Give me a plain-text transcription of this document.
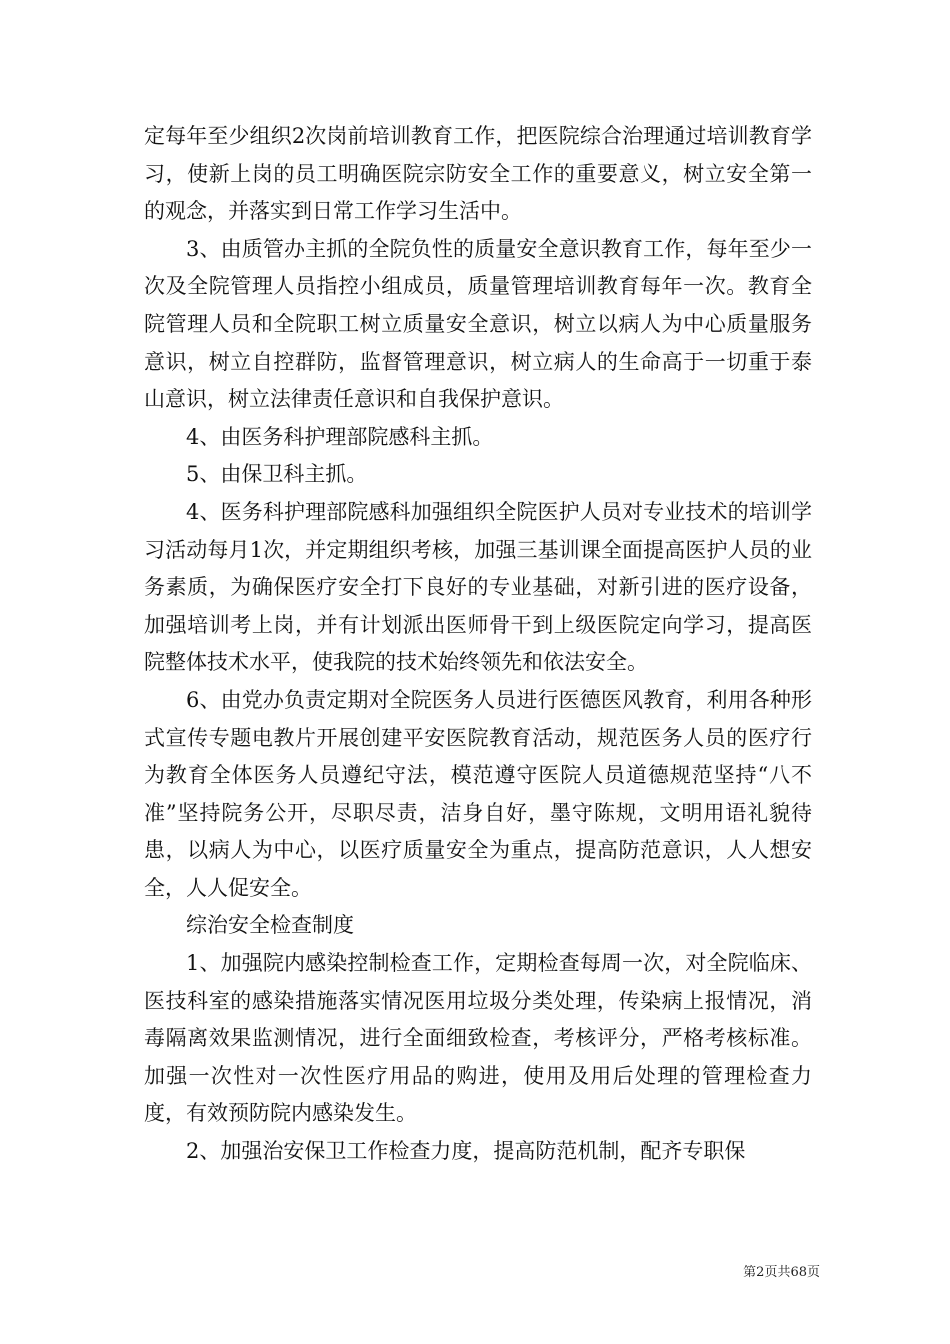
定每年至少组织2次岗前培训教育工作，把医院综合治理通过培训教育学习，使新上岗的员工明确医院宗防安全工作的重要意义，树立安全第一的观念，并落实到日常工作学习生活中。

3、由质管办主抓的全院负性的质量安全意识教育工作，每年至少一次及全院管理人员指控小组成员，质量管理培训教育每年一次。教育全院管理人员和全院职工树立质量安全意识，树立以病人为中心质量服务意识，树立自控群防，监督管理意识，树立病人的生命高于一切重于泰山意识，树立法律责任意识和自我保护意识。

4、由医务科护理部院感科主抓。

5、由保卫科主抓。

4、医务科护理部院感科加强组织全院医护人员对专业技术的培训学习活动每月1次，并定期组织考核，加强三基训课全面提高医护人员的业务素质，为确保医疗安全打下良好的专业基础，对新引进的医疗设备，加强培训考上岗，并有计划派出医师骨干到上级医院定向学习，提高医院整体技术水平，使我院的技术始终领先和依法安全。

6、由党办负责定期对全院医务人员进行医德医风教育，利用各种形式宣传专题电教片开展创建平安医院教育活动，规范医务人员的医疗行为教育全体医务人员遵纪守法，模范遵守医院人员道德规范坚持“八不准”坚持院务公开，尽职尽责，洁身自好，墨守陈规，文明用语礼貌待患，以病人为中心，以医疗质量安全为重点，提高防范意识，人人想安全，人人促安全。

综治安全检查制度

1、加强院内感染控制检查工作，定期检查每周一次，对全院临床、医技科室的感染措施落实情况医用垃圾分类处理，传染病上报情况，消毒隔离效果监测情况，进行全面细致检查，考核评分，严格考核标准。加强一次性对一次性医疗用品的购进，使用及用后处理的管理检查力度，有效预防院内感染发生。

2、加强治安保卫工作检查力度，提高防范机制，配齐专职保

第2页共68页
